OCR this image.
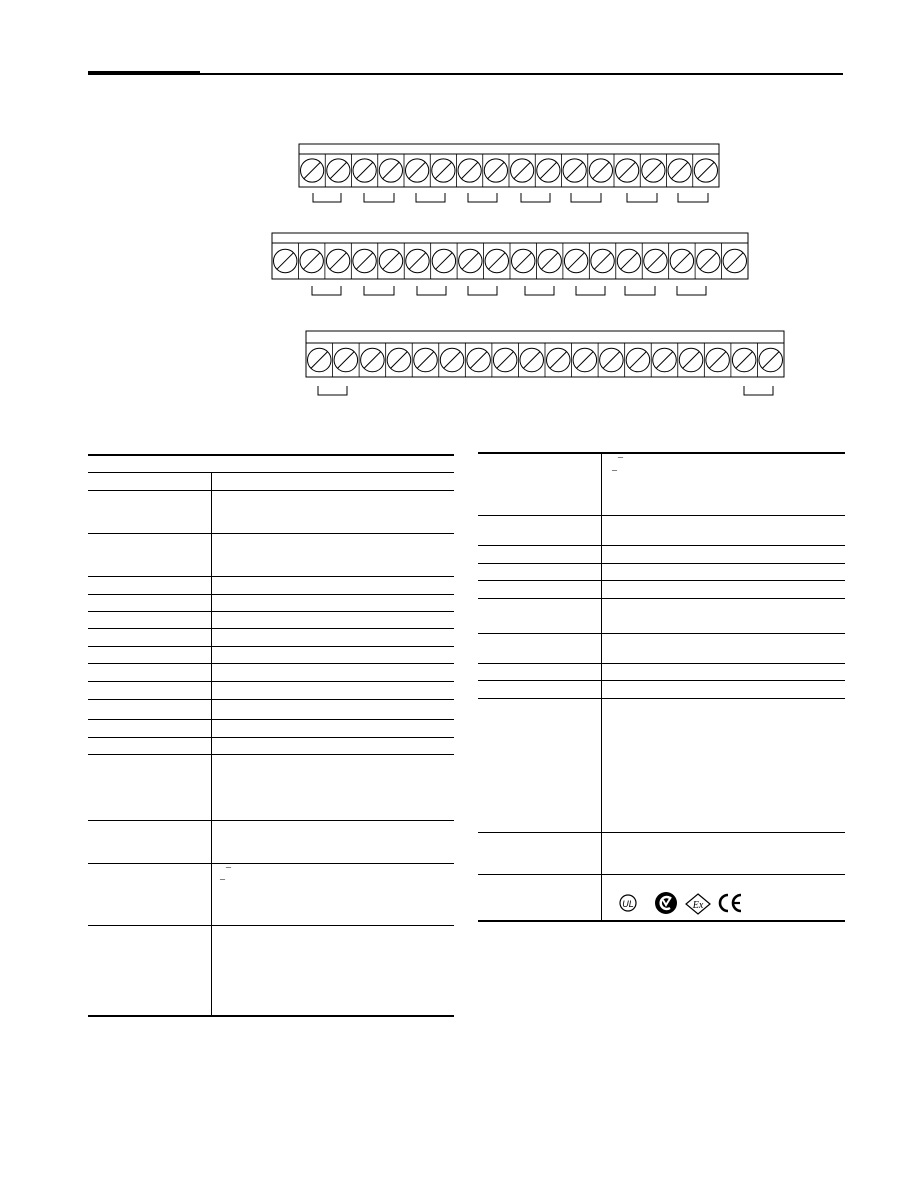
¯
¯
¯
¯
UL	Ex
